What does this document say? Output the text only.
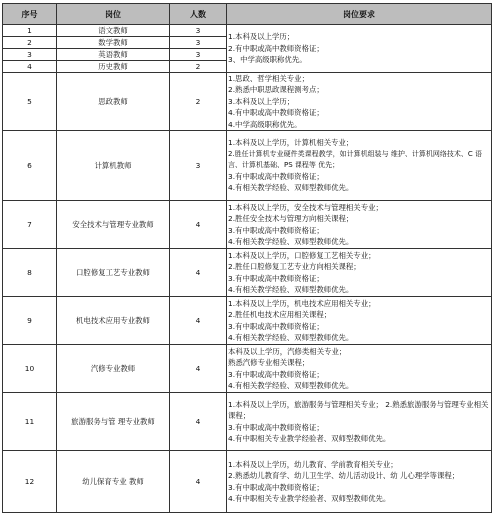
序号	岗位	人数	岗位要求
1	语文教师	3	1.本科及以上学历；
2.有中职或高中教师资格证；
3、中学高级职称优先。

2	数学教师	3	
3	英语教师	3	
4	历史教师	2	
5	思政教师	2	1.思政、哲学相关专业；
2.熟悉中职思政课程测考点；
3.本科及以上学历；
4.有中职或高中教师资格证；
4.中学高级职称优先。

6	计算机教师	3	1.本科及以上学历，计算机相关专业；
2.胜任计算机专业硬件类课程教学，如计算机组装与 维护、计算机网络技术、C 语言、计算机基础、PS 课程等 优先；
3.有中职或高中教师资格证；
4.有相关教学经验、双师型教师优先。

7	安全技术与管理专业教师	4	1.本科及以上学历，安全技术与管理相关专业；
2.胜任安全技术与管理方向相关课程；
3.有中职或高中教师资格证；
4.有相关教学经验、双师型教师优先。

8	口腔修复工艺专业教师	4	1.本科及以上学历，口腔修复工艺相关专业；
2.胜任口腔修复工艺专业方向相关课程；
3.有中职或高中教师资格证；
4.有相关教学经验、双师型教师优先。

9	机电技术应用专业教师	4	1.本科及以上学历，机电技术应用相关专业；
2.胜任机电技术应用相关课程；
3.有中职或高中教师资格证；
4.有相关教学经验、双师型教师优先。

10	汽修专业教师	4	本科及以上学历，汽修类相关专业；
熟悉汽修专业相关课程；
3.有中职或高中教师资格证；
4.有相关教学经验、双师型教师优先。

11	旅游服务与管 理专业教师	4	1.本科及以上学历，旅游服务与管理相关专业； 2.熟悉旅游服务与管理专业相关课程；
3.有中职或高中教师资格证；
4.有中职相关专业教学经验者、双师型教师优先。

12	幼儿保育专业 教师	4	1.本科及以上学历，幼儿教育、学前教育相关专业；
2.熟悉幼儿教育学、幼儿卫生学、幼儿活动设计、幼 儿心理学等课程；
3.有中职或高中教师资格证；
4.有中职相关专业教学经验者、双师型教师优先。
